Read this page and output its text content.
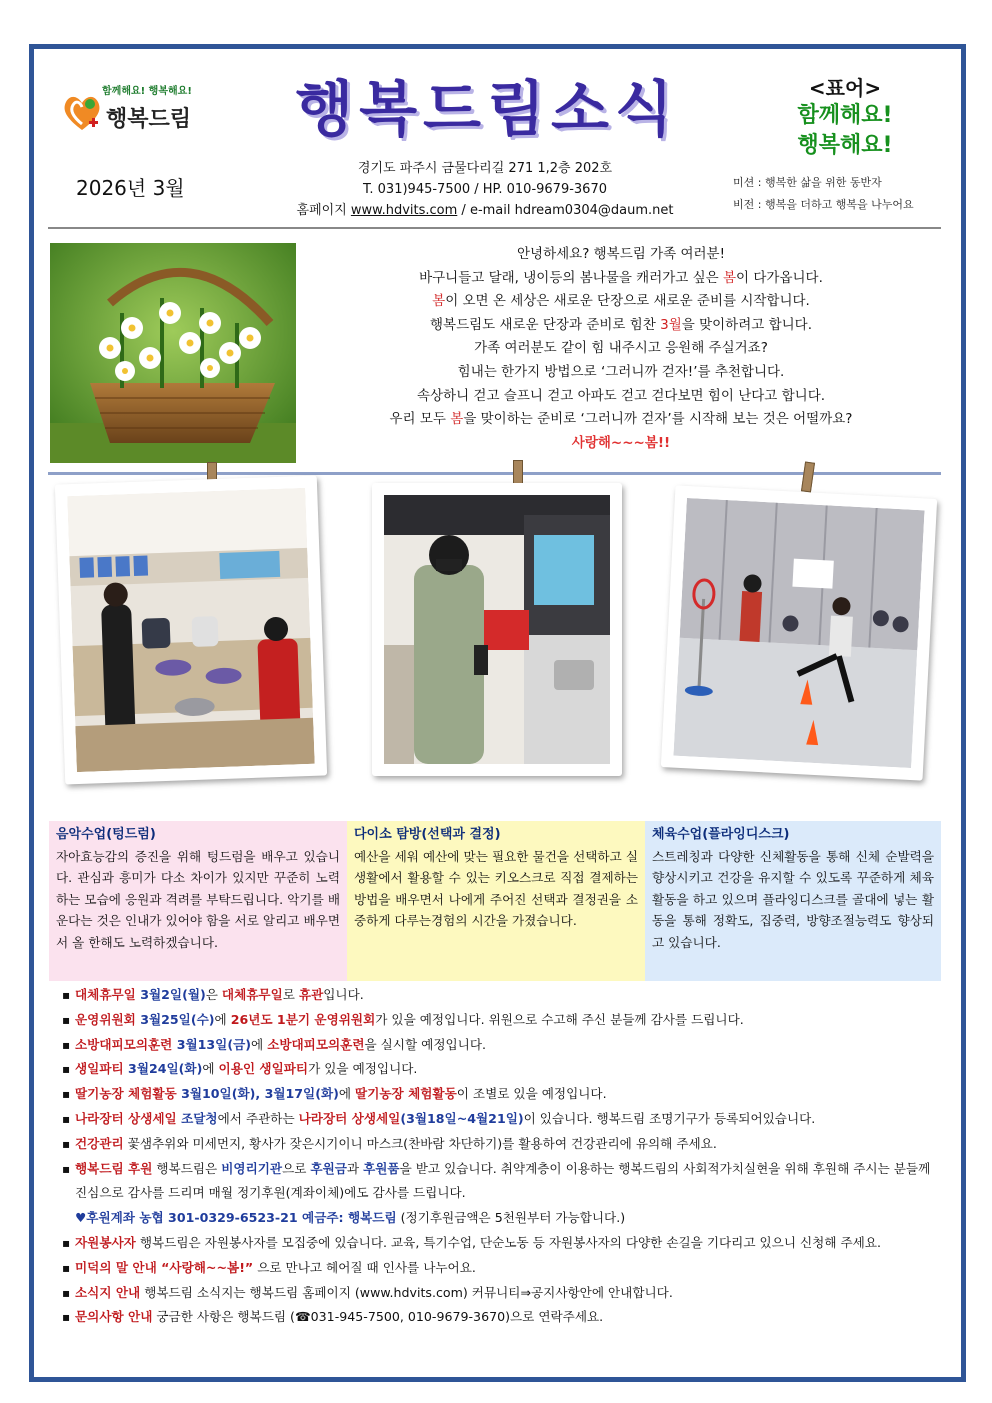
함께해요! 행복해요!
행복드림	행복드림소식	<표어>
함께해요!
행복해요!
2026년 3월
경기도 파주시 금물다리길 271 1,2층 202호
T. 031)945-7500 / HP. 010-9679-3670
홈페이지 www.hdvits.com / e-mail hdream0304@daum.net
미션 : 행복한 삶을 위한 동반자
비전 : 행복을 더하고 행복을 나누어요
안녕하세요? 행복드림 가족 여러분!
바구니들고 달래, 냉이등의 봄나물을 캐러가고 싶은 봄이 다가옵니다.
봄이 오면 온 세상은 새로운 단장으로 새로운 준비를 시작합니다.
행복드림도 새로운 단장과 준비로 힘찬 3월을 맞이하려고 합니다.
가족 여러분도 같이 힘 내주시고 응원해 주실거죠?
힘내는 한가지 방법으로 ‘그러니까 걷자!’를 추천합니다.
속상하니 걷고 슬프니 걷고 아파도 걷고 걷다보면 힘이 난다고 합니다.
우리 모두 봄을 맞이하는 준비로 ‘그러니까 걷자’를 시작해 보는 것은 어떨까요?
사랑해~~~봄!!
음악수업(텅드럼)
자아효능감의 증진을 위해 텅드럼을 배우고 있습니다. 관심과 흥미가 다소 차이가 있지만 꾸준히 노력하는 모습에 응원과 격려를 부탁드립니다. 악기를 배운다는 것은 인내가 있어야 함을 서로 알리고 배우면서 올 한해도 노력하겠습니다.
다이소 탐방(선택과 결정)
예산을 세워 예산에 맞는 필요한 물건을 선택하고 실생활에서 활용할 수 있는 키오스크로 직접 결제하는 방법을 배우면서 나에게 주어진 선택과 결정권을 소중하게 다루는경험의 시간을 가졌습니다.
체육수업(플라잉디스크)
스트레칭과 다양한 신체활동을 통해 신체 순발력을 향상시키고 건강을 유지할 수 있도록 꾸준하게 체육활동을 하고 있으며 플라잉디스크를 골대에 넣는 활동을 통해 정확도, 집중력, 방향조절능력도 향상되고 있습니다.
▪ 대체휴무일 3월2일(월)은 대체휴무일로 휴관입니다.
▪ 운영위원회 3월25일(수)에 26년도 1분기 운영위원회가 있을 예정입니다. 위원으로 수고해 주신 분들께 감사를 드립니다.
▪ 소방대피모의훈련 3월13일(금)에 소방대피모의훈련을 실시할 예정입니다.
▪ 생일파티 3월24일(화)에 이용인 생일파티가 있을 예정입니다.
▪ 딸기농장 체험활동 3월10일(화), 3월17일(화)에 딸기농장 체험활동이 조별로 있을 예정입니다.
▪ 나라장터 상생세일 조달청에서 주관하는 나라장터 상생세일(3월18일~4월21일)이 있습니다. 행복드림 조명기구가 등록되어있습니다.
▪ 건강관리 꽃샘추위와 미세먼지, 황사가 잦은시기이니 마스크(찬바람 차단하기)를 활용하여 건강관리에 유의해 주세요.
▪ 행복드림 후원 행복드림은 비영리기관으로 후원금과 후원품을 받고 있습니다. 취약계층이 이용하는 행복드림의 사회적가치실현을 위해 후원해 주시는 분들께 진심으로 감사를 드리며 매월 정기후원(계좌이체)에도 감사를 드립니다.
♥후원계좌 농협 301-0329-6523-21 예금주: 행복드림 (정기후원금액은 5천원부터 가능합니다.)
▪ 자원봉사자 행복드림은 자원봉사자를 모집중에 있습니다. 교육, 특기수업, 단순노동 등 자원봉사자의 다양한 손길을 기다리고 있으니 신청해 주세요.
▪ 미덕의 말 안내 “사랑해~~봄!” 으로 만나고 헤어질 때 인사를 나누어요.
▪ 소식지 안내 행복드림 소식지는 행복드림 홈페이지 (www.hdvits.com) 커뮤니티⇒공지사항안에 안내합니다.
▪ 문의사항 안내 궁금한 사항은 행복드림 (☎031-945-7500, 010-9679-3670)으로 연락주세요.
